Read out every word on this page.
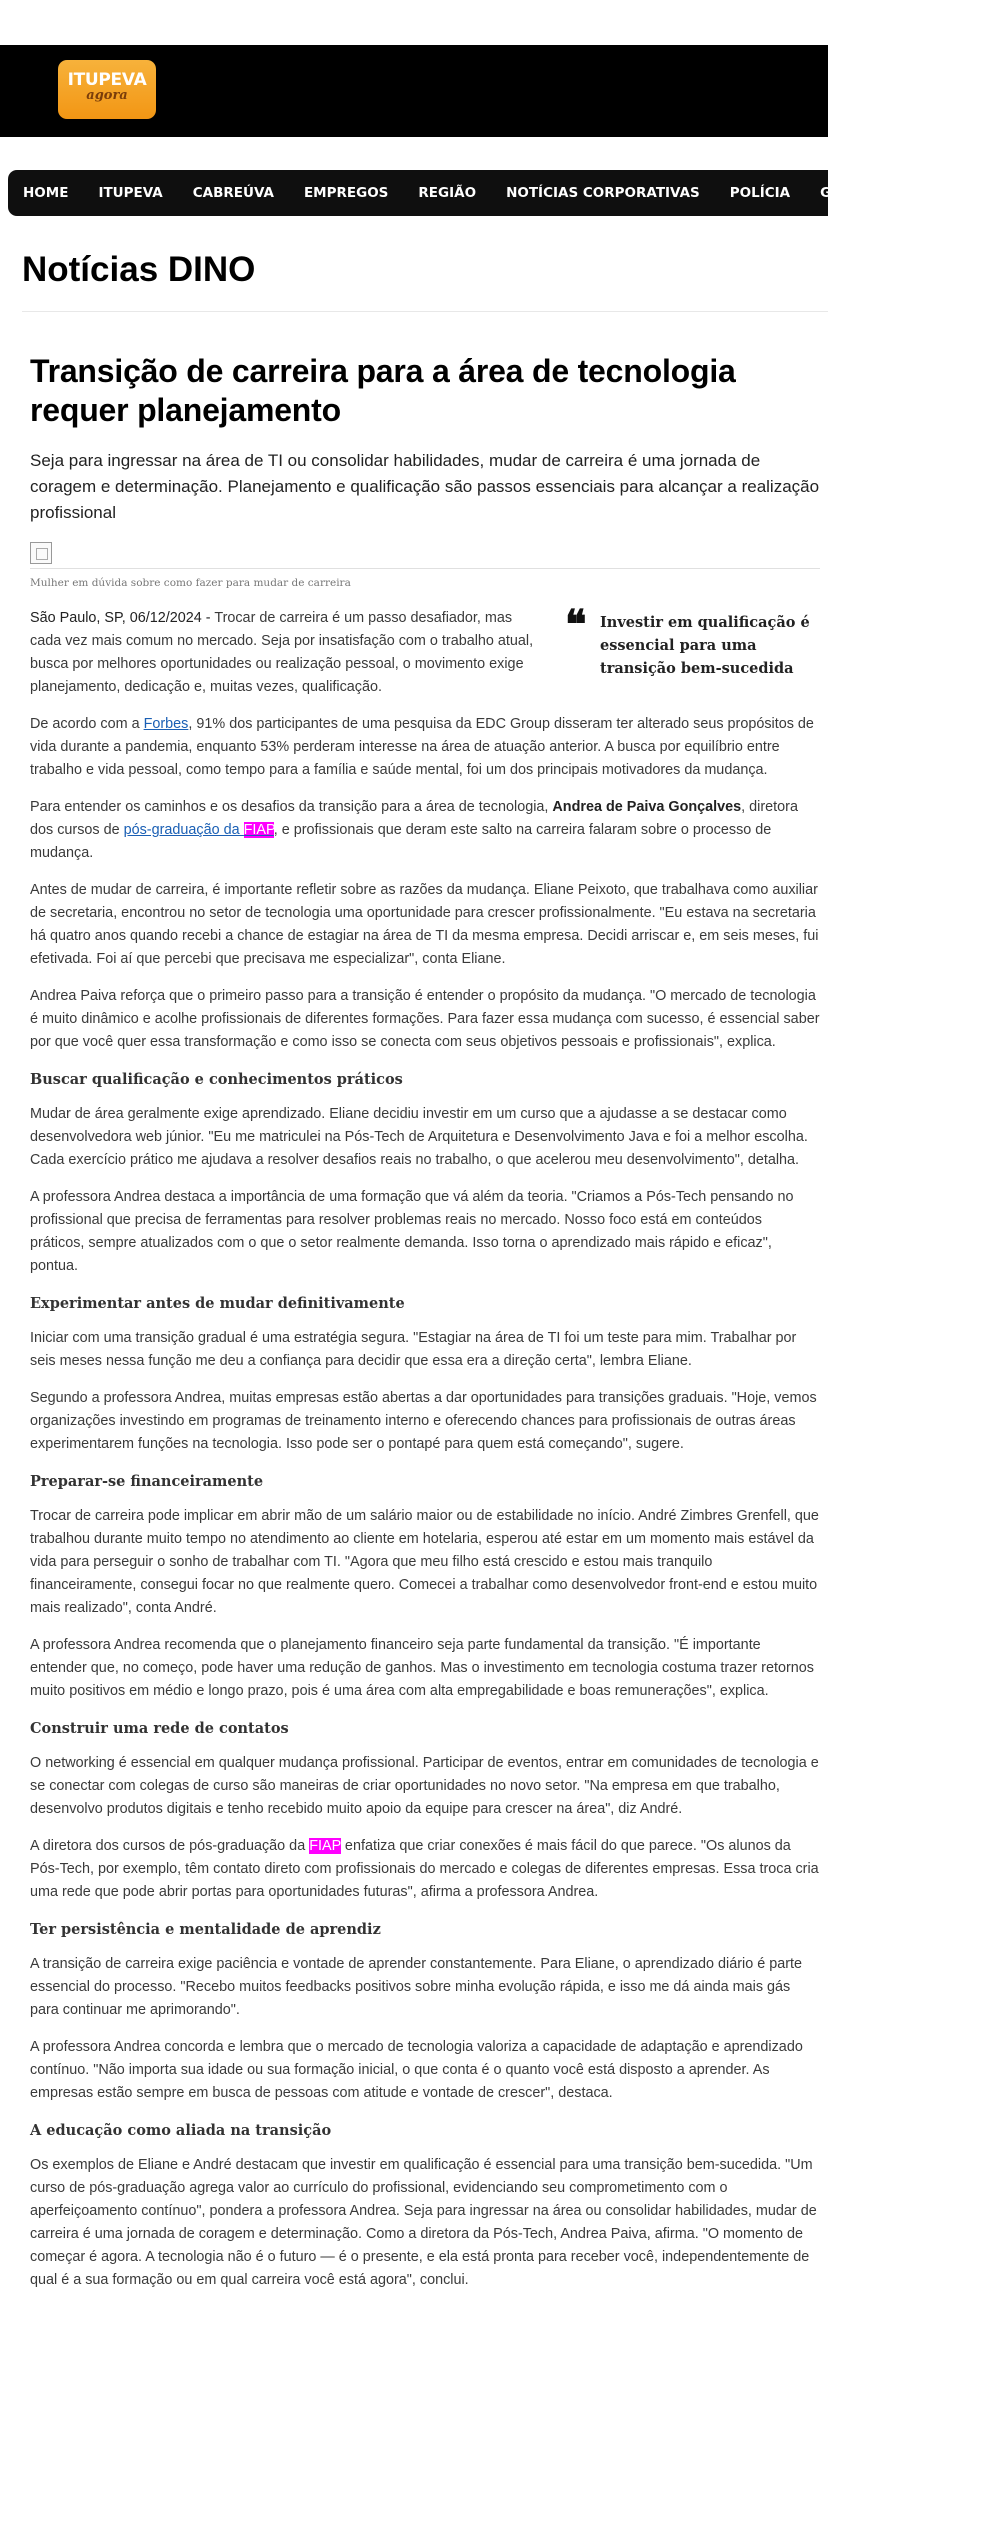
ITUPEVA
agora
HOME ITUPEVA CABREÚVA EMPREGOS REGIÃO NOTÍCIAS CORPORATIVAS POLÍCIA GUIA DE COMÉRCIO
Notícias DINO
Transição de carreira para a área de tecnologia requer planejamento

Seja para ingressar na área de TI ou consolidar habilidades, mudar de carreira é uma jornada de coragem e determinação. Planejamento e qualificação são passos essenciais para alcançar a realização profissional

Mulher em dúvida sobre como fazer para mudar de carreira
❝ Investir em qualificação é essencial para uma transição bem-sucedida

São Paulo, SP, 06/12/2024 - Trocar de carreira é um passo desafiador, mas cada vez mais comum no mercado. Seja por insatisfação com o trabalho atual, busca por melhores oportunidades ou realização pessoal, o movimento exige planejamento, dedicação e, muitas vezes, qualificação.

De acordo com a Forbes, 91% dos participantes de uma pesquisa da EDC Group disseram ter alterado seus propósitos de vida durante a pandemia, enquanto 53% perderam interesse na área de atuação anterior. A busca por equilíbrio entre trabalho e vida pessoal, como tempo para a família e saúde mental, foi um dos principais motivadores da mudança.

Para entender os caminhos e os desafios da transição para a área de tecnologia, Andrea de Paiva Gonçalves, diretora dos cursos de pós-graduação da FIAP, e profissionais que deram este salto na carreira falaram sobre o processo de mudança.

Antes de mudar de carreira, é importante refletir sobre as razões da mudança. Eliane Peixoto, que trabalhava como auxiliar de secretaria, encontrou no setor de tecnologia uma oportunidade para crescer profissionalmente. "Eu estava na secretaria há quatro anos quando recebi a chance de estagiar na área de TI da mesma empresa. Decidi arriscar e, em seis meses, fui efetivada. Foi aí que percebi que precisava me especializar", conta Eliane.

Andrea Paiva reforça que o primeiro passo para a transição é entender o propósito da mudança. "O mercado de tecnologia é muito dinâmico e acolhe profissionais de diferentes formações. Para fazer essa mudança com sucesso, é essencial saber por que você quer essa transformação e como isso se conecta com seus objetivos pessoais e profissionais", explica.

Buscar qualificação e conhecimentos práticos

Mudar de área geralmente exige aprendizado. Eliane decidiu investir em um curso que a ajudasse a se destacar como desenvolvedora web júnior. "Eu me matriculei na Pós-Tech de Arquitetura e Desenvolvimento Java e foi a melhor escolha. Cada exercício prático me ajudava a resolver desafios reais no trabalho, o que acelerou meu desenvolvimento", detalha.

A professora Andrea destaca a importância de uma formação que vá além da teoria. "Criamos a Pós-Tech pensando no profissional que precisa de ferramentas para resolver problemas reais no mercado. Nosso foco está em conteúdos práticos, sempre atualizados com o que o setor realmente demanda. Isso torna o aprendizado mais rápido e eficaz", pontua.

Experimentar antes de mudar definitivamente

Iniciar com uma transição gradual é uma estratégia segura. "Estagiar na área de TI foi um teste para mim. Trabalhar por seis meses nessa função me deu a confiança para decidir que essa era a direção certa", lembra Eliane.

Segundo a professora Andrea, muitas empresas estão abertas a dar oportunidades para transições graduais. "Hoje, vemos organizações investindo em programas de treinamento interno e oferecendo chances para profissionais de outras áreas experimentarem funções na tecnologia. Isso pode ser o pontapé para quem está começando", sugere.

Preparar-se financeiramente

Trocar de carreira pode implicar em abrir mão de um salário maior ou de estabilidade no início. André Zimbres Grenfell, que trabalhou durante muito tempo no atendimento ao cliente em hotelaria, esperou até estar em um momento mais estável da vida para perseguir o sonho de trabalhar com TI. "Agora que meu filho está crescido e estou mais tranquilo financeiramente, consegui focar no que realmente quero. Comecei a trabalhar como desenvolvedor front-end e estou muito mais realizado", conta André.

A professora Andrea recomenda que o planejamento financeiro seja parte fundamental da transição. "É importante entender que, no começo, pode haver uma redução de ganhos. Mas o investimento em tecnologia costuma trazer retornos muito positivos em médio e longo prazo, pois é uma área com alta empregabilidade e boas remunerações", explica.

Construir uma rede de contatos

O networking é essencial em qualquer mudança profissional. Participar de eventos, entrar em comunidades de tecnologia e se conectar com colegas de curso são maneiras de criar oportunidades no novo setor. "Na empresa em que trabalho, desenvolvo produtos digitais e tenho recebido muito apoio da equipe para crescer na área", diz André.

A diretora dos cursos de pós-graduação da FIAP enfatiza que criar conexões é mais fácil do que parece. "Os alunos da Pós-Tech, por exemplo, têm contato direto com profissionais do mercado e colegas de diferentes empresas. Essa troca cria uma rede que pode abrir portas para oportunidades futuras", afirma a professora Andrea.

Ter persistência e mentalidade de aprendiz

A transição de carreira exige paciência e vontade de aprender constantemente. Para Eliane, o aprendizado diário é parte essencial do processo. "Recebo muitos feedbacks positivos sobre minha evolução rápida, e isso me dá ainda mais gás para continuar me aprimorando".

A professora Andrea concorda e lembra que o mercado de tecnologia valoriza a capacidade de adaptação e aprendizado contínuo. "Não importa sua idade ou sua formação inicial, o que conta é o quanto você está disposto a aprender. As empresas estão sempre em busca de pessoas com atitude e vontade de crescer", destaca.

A educação como aliada na transição

Os exemplos de Eliane e André destacam que investir em qualificação é essencial para uma transição bem-sucedida. "Um curso de pós-graduação agrega valor ao currículo do profissional, evidenciando seu comprometimento com o aperfeiçoamento contínuo", pondera a professora Andrea. Seja para ingressar na área ou consolidar habilidades, mudar de carreira é uma jornada de coragem e determinação. Como a diretora da Pós-Tech, Andrea Paiva, afirma. "O momento de começar é agora. A tecnologia não é o futuro — é o presente, e ela está pronta para receber você, independentemente de qual é a sua formação ou em qual carreira você está agora", conclui.
